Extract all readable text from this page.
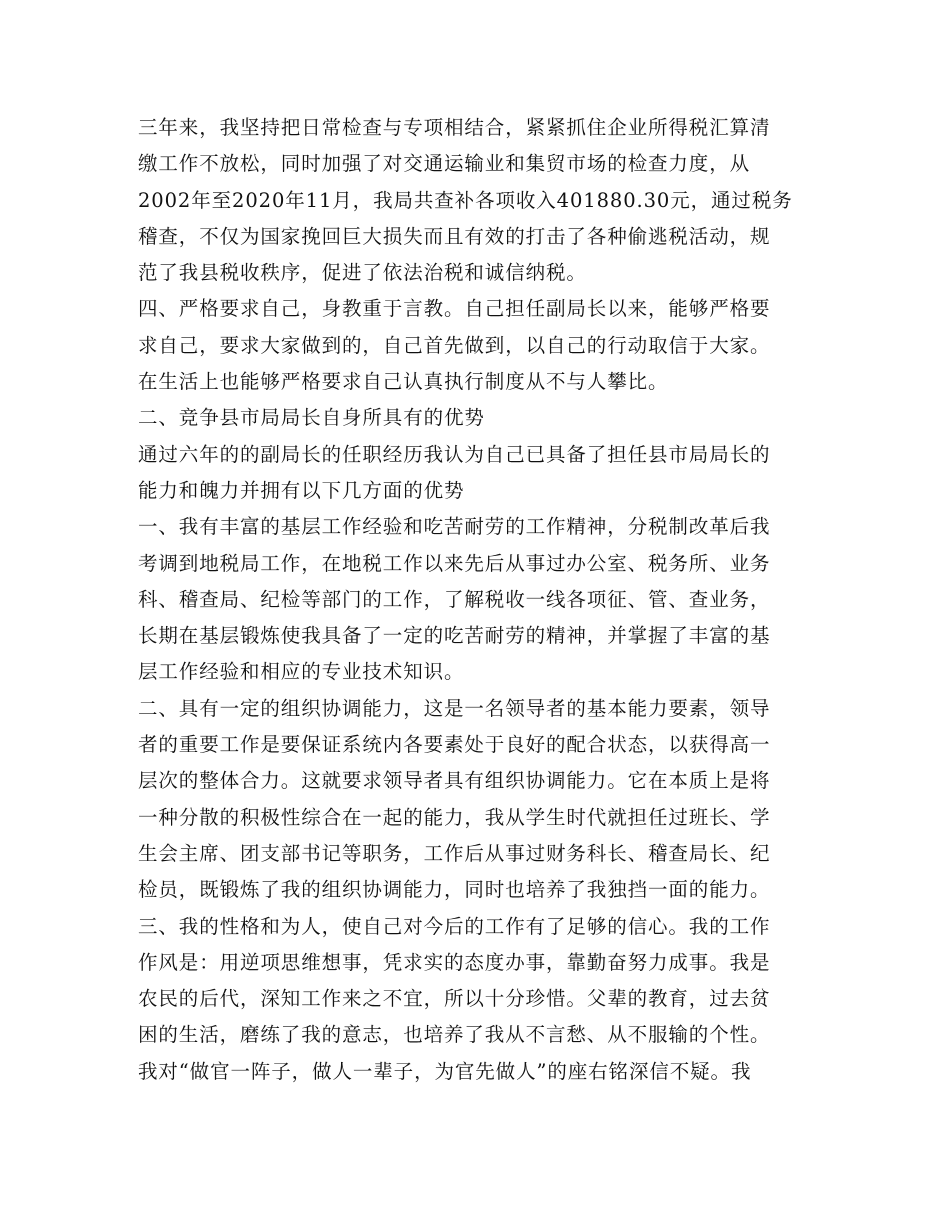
三年来，我坚持把日常检查与专项相结合，紧紧抓住企业所得税汇算清
缴工作不放松，同时加强了对交通运输业和集贸市场的检查力度，从
2002年至2020年11月，我局共查补各项收入401880.30元，通过税务
稽查，不仅为国家挽回巨大损失而且有效的打击了各种偷逃税活动，规
范了我县税收秩序，促进了依法治税和诚信纳税。
四、严格要求自己，身教重于言教。自己担任副局长以来，能够严格要
求自己，要求大家做到的，自己首先做到，以自己的行动取信于大家。
在生活上也能够严格要求自己认真执行制度从不与人攀比。
二、竞争县市局局长自身所具有的优势
通过六年的的副局长的任职经历我认为自己已具备了担任县市局局长的
能力和魄力并拥有以下几方面的优势
一、我有丰富的基层工作经验和吃苦耐劳的工作精神，分税制改革后我
考调到地税局工作，在地税工作以来先后从事过办公室、税务所、业务
科、稽查局、纪检等部门的工作，了解税收一线各项征、管、查业务，
长期在基层锻炼使我具备了一定的吃苦耐劳的精神，并掌握了丰富的基
层工作经验和相应的专业技术知识。
二、具有一定的组织协调能力，这是一名领导者的基本能力要素，领导
者的重要工作是要保证系统内各要素处于良好的配合状态，以获得高一
层次的整体合力。这就要求领导者具有组织协调能力。它在本质上是将
一种分散的积极性综合在一起的能力，我从学生时代就担任过班长、学
生会主席、团支部书记等职务，工作后从事过财务科长、稽查局长、纪
检员，既锻炼了我的组织协调能力，同时也培养了我独挡一面的能力。
三、我的性格和为人，使自己对今后的工作有了足够的信心。我的工作
作风是：用逆项思维想事，凭求实的态度办事，靠勤奋努力成事。我是
农民的后代，深知工作来之不宜，所以十分珍惜。父辈的教育，过去贫
困的生活，磨练了我的意志，也培养了我从不言愁、从不服输的个性。
我对“做官一阵子，做人一辈子，为官先做人”的座右铭深信不疑。我
